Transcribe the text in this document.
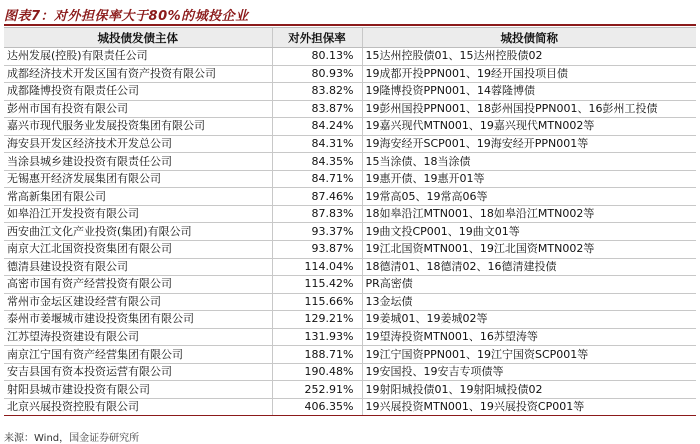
图表7：对外担保率大于80%的城投企业
城投债发债主体	对外担保率	城投债简称
达州发展(控股)有限责任公司	80.13%	15达州控股债01、15达州控股债02
成都经济技术开发区国有资产投资有限公司	80.93%	19成都开投PPN001、19经开国投项目债
成都隆博投资有限责任公司	83.82%	19隆博投资PPN001、14蓉隆博债
彭州市国有投资有限公司	83.87%	19彭州国投PPN001、18彭州国投PPN001、16彭州工投债
嘉兴市现代服务业发展投资集团有限公司	84.24%	19嘉兴现代MTN001、19嘉兴现代MTN002等
海安县开发区经济技术开发总公司	84.31%	19海安经开SCP001、19海安经开PPN001等
当涂县城乡建设投资有限责任公司	84.35%	15当涂债、18当涂债
无锡惠开经济发展集团有限公司	84.71%	19惠开债、19惠开01等
常高新集团有限公司	87.46%	19常高05、19常高06等
如皋沿江开发投资有限公司	87.83%	18如皋沿江MTN001、18如皋沿江MTN002等
西安曲江文化产业投资(集团)有限公司	93.37%	19曲文投CP001、19曲文01等
南京大江北国资投资集团有限公司	93.87%	19江北国资MTN001、19江北国资MTN002等
德清县建设投资有限公司	114.04%	18德清01、18德清02、16德清建投债
高密市国有资产经营投资有限公司	115.42%	PR高密债
常州市金坛区建设经营有限公司	115.66%	13金坛债
泰州市姜堰城市建设投资集团有限公司	129.21%	19姜城01、19姜城02等
江苏望涛投资建设有限公司	131.93%	19望涛投资MTN001、16苏望涛等
南京江宁国有资产经营集团有限公司	188.71%	19江宁国资PPN001、19江宁国资SCP001等
安吉县国有资本投资运营有限公司	190.48%	19安国投、19安吉专项债等
射阳县城市建设投资有限公司	252.91%	19射阳城投债01、19射阳城投债02
北京兴展投资控股有限公司	406.35%	19兴展投资MTN001、19兴展投资CP001等
来源：Wind，国金证券研究所
